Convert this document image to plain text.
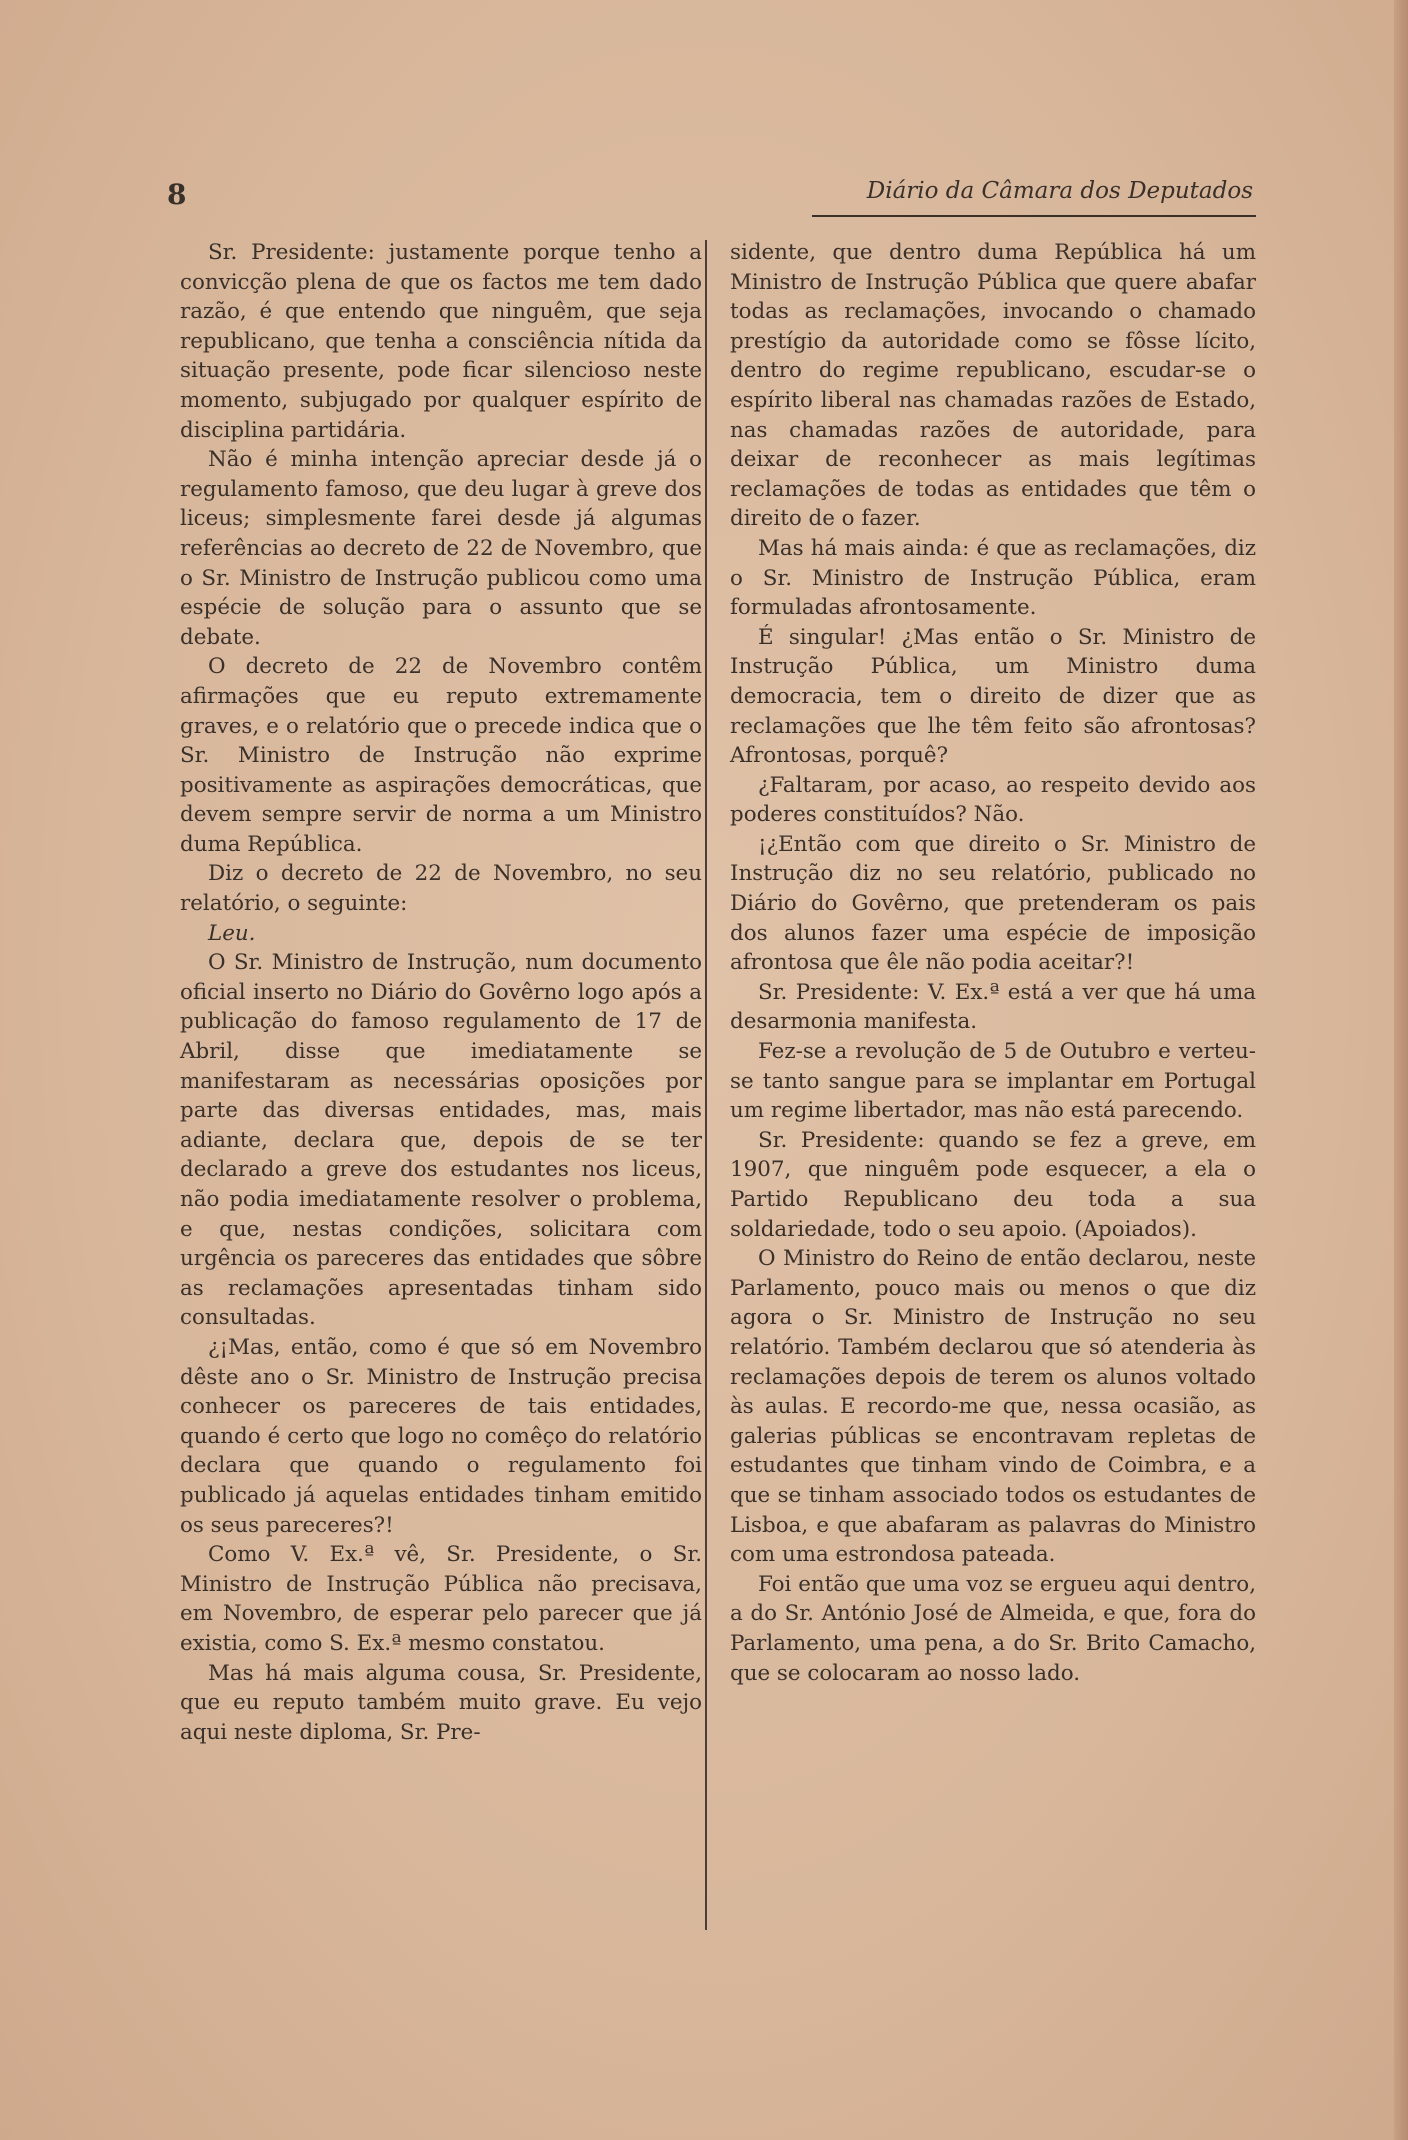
8	Diário da Câmara dos Deputados

Sr. Presidente: justamente porque tenho a convicção plena de que os factos me tem dado razão, é que entendo que ninguêm, que seja republicano, que tenha a consciência nítida da situação presente, pode ficar silencioso neste momento, subjugado por qualquer espírito de disciplina partidária.

Não é minha intenção apreciar desde já o regulamento famoso, que deu lugar à greve dos liceus; simplesmente farei desde já algumas referências ao decreto de 22 de Novembro, que o Sr. Ministro de Instrução publicou como uma espécie de solução para o assunto que se debate.

O decreto de 22 de Novembro contêm afirmações que eu reputo extremamente graves, e o relatório que o precede indica que o Sr. Ministro de Instrução não exprime positivamente as aspirações democráticas, que devem sempre servir de norma a um Ministro duma República.

Diz o decreto de 22 de Novembro, no seu relatório, o seguinte:

Leu.

O Sr. Ministro de Instrução, num documento oficial inserto no Diário do Govêrno logo após a publicação do famoso regulamento de 17 de Abril, disse que imediatamente se manifestaram as necessárias oposições por parte das diversas entidades, mas, mais adiante, declara que, depois de se ter declarado a greve dos estudantes nos liceus, não podia imediatamente resolver o problema, e que, nestas condições, solicitara com urgência os pareceres das entidades que sôbre as reclamações apresentadas tinham sido consultadas.

¿¡Mas, então, como é que só em Novembro dêste ano o Sr. Ministro de Instrução precisa conhecer os pareceres de tais entidades, quando é certo que logo no comêço do relatório declara que quando o regulamento foi publicado já aquelas entidades tinham emitido os seus pareceres?!

Como V. Ex.ª vê, Sr. Presidente, o Sr. Ministro de Instrução Pública não precisava, em Novembro, de esperar pelo parecer que já existia, como S. Ex.ª mesmo constatou.

Mas há mais alguma cousa, Sr. Presidente, que eu reputo também muito grave. Eu vejo aqui neste diploma, Sr. Pre-

sidente, que dentro duma República há um Ministro de Instrução Pública que quere abafar todas as reclamações, invocando o chamado prestígio da autoridade como se fôsse lícito, dentro do regime republicano, escudar-se o espírito liberal nas chamadas razões de Estado, nas chamadas razões de autoridade, para deixar de reconhecer as mais legítimas reclamações de todas as entidades que têm o direito de o fazer.

Mas há mais ainda: é que as reclamações, diz o Sr. Ministro de Instrução Pública, eram formuladas afrontosamente.

É singular! ¿Mas então o Sr. Ministro de Instrução Pública, um Ministro duma democracia, tem o direito de dizer que as reclamações que lhe têm feito são afrontosas? Afrontosas, porquê?

¿Faltaram, por acaso, ao respeito devido aos poderes constituídos? Não.

¡¿Então com que direito o Sr. Ministro de Instrução diz no seu relatório, publicado no Diário do Govêrno, que pretenderam os pais dos alunos fazer uma espécie de imposição afrontosa que êle não podia aceitar?!

Sr. Presidente: V. Ex.ª está a ver que há uma desarmonia manifesta.

Fez-se a revolução de 5 de Outubro e verteu-se tanto sangue para se implantar em Portugal um regime libertador, mas não está parecendo.

Sr. Presidente: quando se fez a greve, em 1907, que ninguêm pode esquecer, a ela o Partido Republicano deu toda a sua soldariedade, todo o seu apoio. (Apoiados).

O Ministro do Reino de então declarou, neste Parlamento, pouco mais ou menos o que diz agora o Sr. Ministro de Instrução no seu relatório. Também declarou que só atenderia às reclamações depois de terem os alunos voltado às aulas. E recordo-me que, nessa ocasião, as galerias públicas se encontravam repletas de estudantes que tinham vindo de Coimbra, e a que se tinham associado todos os estudantes de Lisboa, e que abafaram as palavras do Ministro com uma estrondosa pateada.

Foi então que uma voz se ergueu aqui dentro, a do Sr. António José de Almeida, e que, fora do Parlamento, uma pena, a do Sr. Brito Camacho, que se colocaram ao nosso lado.
